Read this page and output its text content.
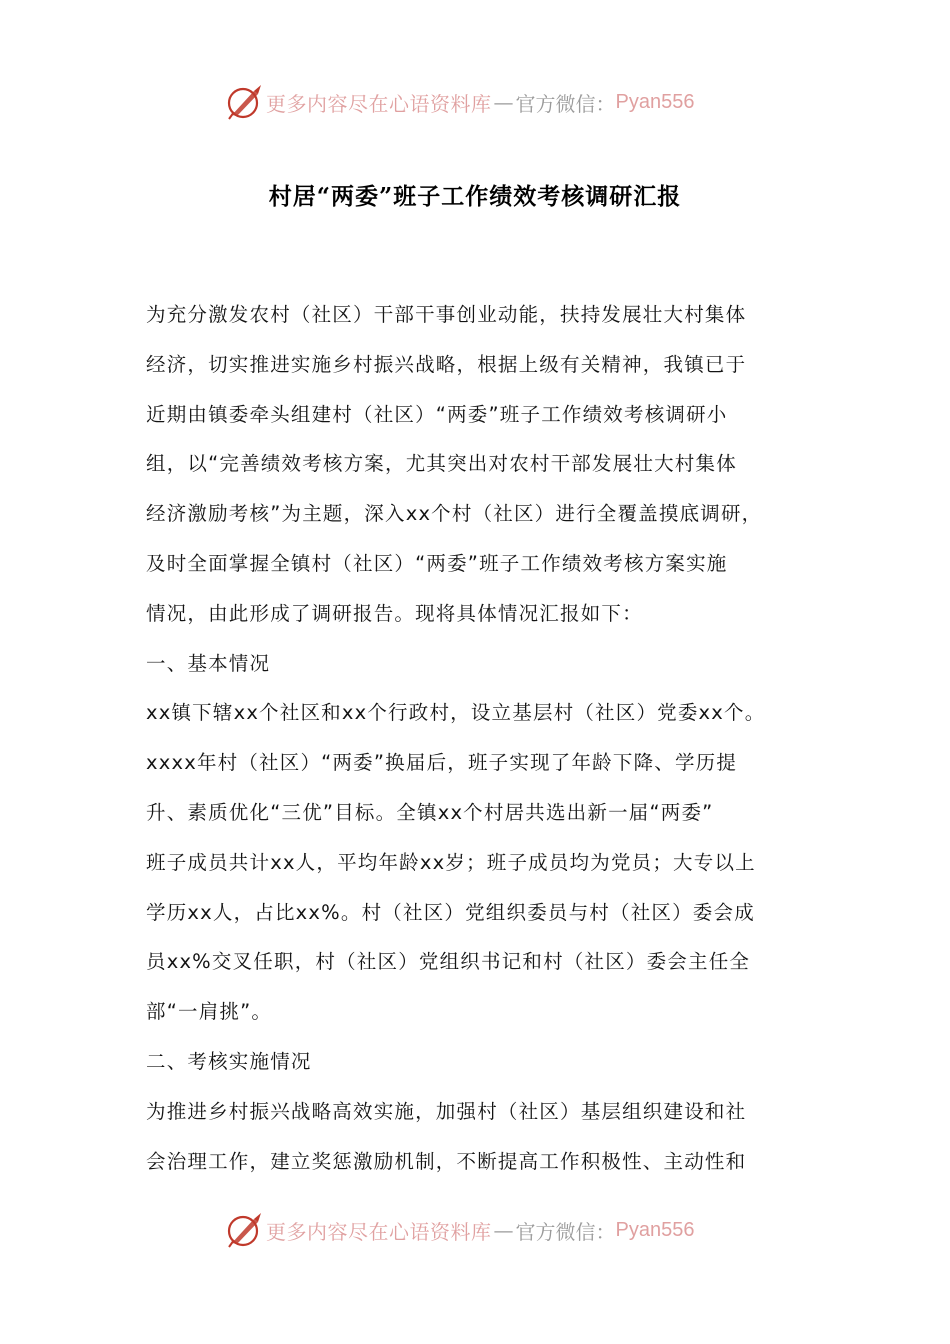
更多内容尽在心语资料库 — 官方微信： Pyan556
村居“两委”班子工作绩效考核调研汇报
为充分激发农村（社区）干部干事创业动能，扶持发展壮大村集体
经济，切实推进实施乡村振兴战略，根据上级有关精神，我镇已于
近期由镇委牵头组建村（社区）“两委”班子工作绩效考核调研小
组，以“完善绩效考核方案，尤其突出对农村干部发展壮大村集体
经济激励考核”为主题，深入xx个村（社区）进行全覆盖摸底调研，
及时全面掌握全镇村（社区）“两委”班子工作绩效考核方案实施
情况，由此形成了调研报告。现将具体情况汇报如下：
一、基本情况
xx镇下辖xx个社区和xx个行政村，设立基层村（社区）党委xx个。
xxxx年村（社区）“两委”换届后，班子实现了年龄下降、学历提
升、素质优化“三优”目标。全镇xx个村居共选出新一届“两委”
班子成员共计xx人，平均年龄xx岁；班子成员均为党员；大专以上
学历xx人，占比xx%。村（社区）党组织委员与村（社区）委会成
员xx%交叉任职，村（社区）党组织书记和村（社区）委会主任全
部“一肩挑”。
二、考核实施情况
为推进乡村振兴战略高效实施，加强村（社区）基层组织建设和社
会治理工作，建立奖惩激励机制，不断提高工作积极性、主动性和
更多内容尽在心语资料库 — 官方微信： Pyan556
